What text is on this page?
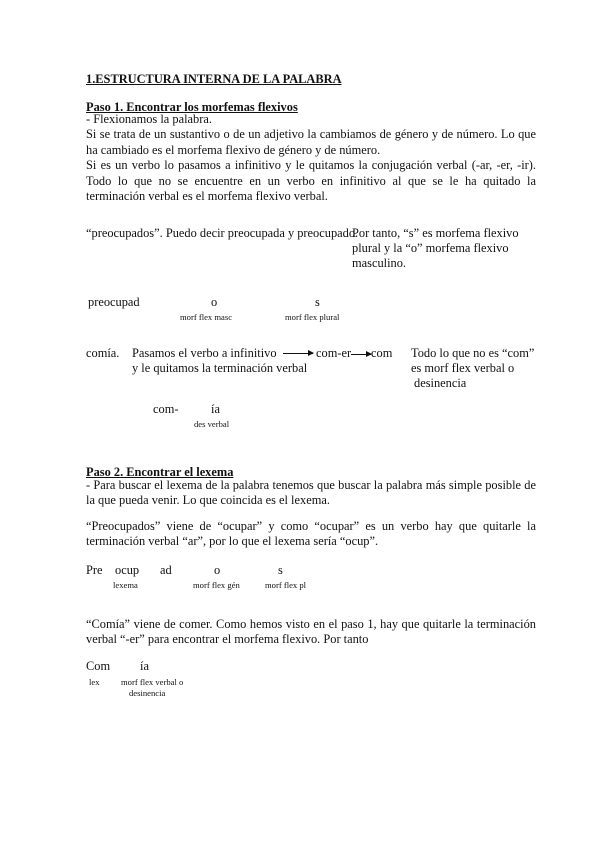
1.ESTRUCTURA INTERNA DE LA PALABRA
Paso 1. Encontrar los morfemas flexivos

- Flexionamos la palabra.

Si se trata de un sustantivo o de un adjetivo la cambiamos de género y de número. Lo que ha cambiado es el morfema flexivo de género y de número.

Si es un verbo lo pasamos a infinitivo y le quitamos la conjugación verbal (-ar, -er, -ir). Todo lo que no se encuentre en un verbo en infinitivo al que se le ha quitado la terminación verbal es el morfema flexivo verbal.

“preocupados”. Puedo decir preocupada y preocupado.
Por tanto, “s” es morfema flexivo
plural y la “o” morfema flexivo
masculino.
preocupad	o	s
morf flex masc	morf flex plural
comía. Pasamos el verbo a infinitivo
y le quitamos la terminación verbal
com-er com Todo lo que no es “com”
es morf flex verbal o
desinencia
com-	ía
des verbal
Paso 2. Encontrar el lexema
- Para buscar el lexema de la palabra tenemos que buscar la palabra más simple posible de la que pueda venir. Lo que coincida es el lexema.
“Preocupados” viene de “ocupar” y como “ocupar” es un verbo hay que quitarle la terminación verbal “ar”, por lo que el lexema sería “ocup”.
Pre ocup ad	o	s
lexema	morf flex gén	morf flex pl
“Comía” viene de comer. Como hemos visto en el paso 1, hay que quitarle la terminación verbal “-er” para encontrar el morfema flexivo. Por tanto
Com ía
lex	morf flex verbal o
desinencia
